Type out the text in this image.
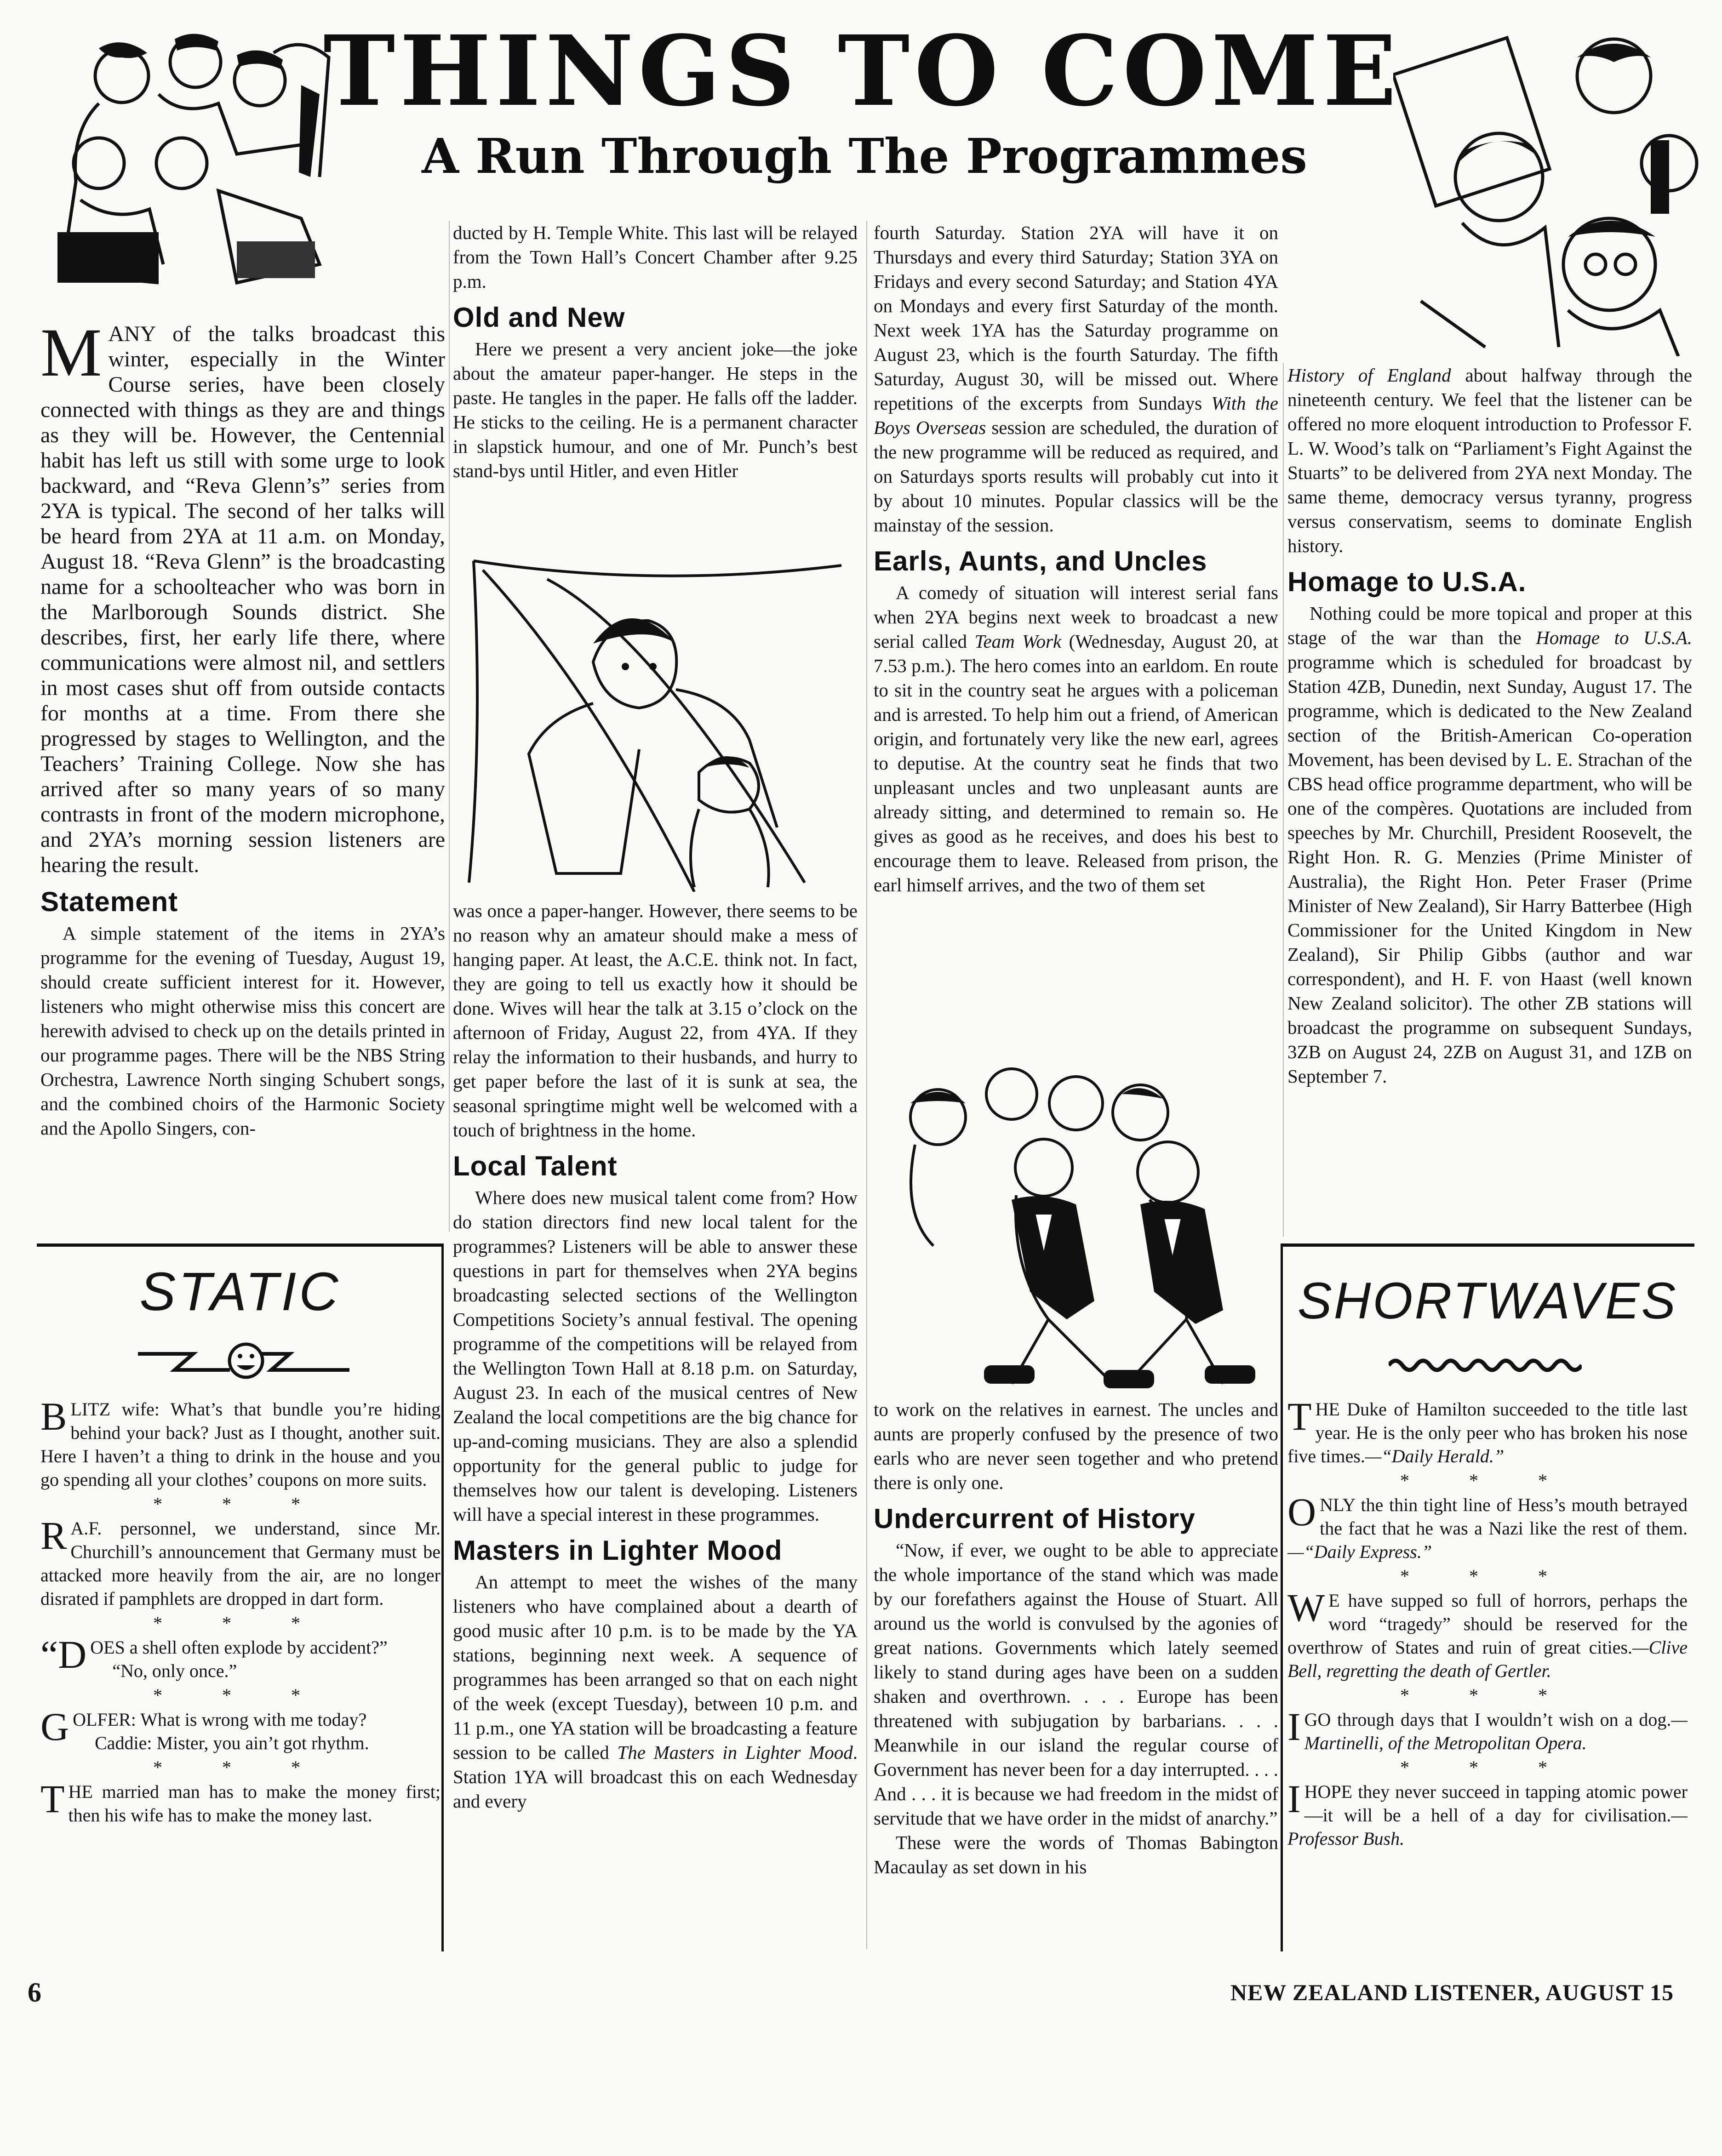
THINGS TO COME
A Run Through The Programmes

M ANY of the talks broadcast this winter, especially in the Winter Course series, have been closely connected with things as they are and things as they will be. However, the Centennial habit has left us still with some urge to look backward, and “Reva Glenn’s” series from 2YA is typical. The second of her talks will be heard from 2YA at 11 a.m. on Monday, August 18. “Reva Glenn” is the broadcasting name for a schoolteacher who was born in the Marlborough Sounds district. She describes, first, her early life there, where communications were almost nil, and settlers in most cases shut off from outside contacts for months at a time. From there she progressed by stages to Wellington, and the Teachers’ Training College. Now she has arrived after so many years of so many contrasts in front of the modern microphone, and 2YA’s morning session listeners are hearing the result.

Statement

A simple statement of the items in 2YA’s programme for the evening of Tuesday, August 19, should create sufficient interest for it. However, listeners who might otherwise miss this concert are herewith advised to check up on the details printed in our programme pages. There will be the NBS String Orchestra, Lawrence North singing Schubert songs, and the combined choirs of the Harmonic Society and the Apollo Singers, con-

STATIC

BLITZ wife: What’s that bundle you’re hiding behind your back? Just as I thought, another suit. Here I haven’t a thing to drink in the house and you go spending all your clothes’ coupons on more suits.

* * *

R A.F. personnel, we understand, since Mr. Churchill’s announcement that Germany must be attacked more heavily from the air, are no longer disrated if pamphlets are dropped in dart form.

* * *

“DOES a shell often explode by accident?”

“No, only once.”

* * *

GOLFER: What is wrong with me today?

Caddie: Mister, you ain’t got rhythm.

* * *

THE married man has to make the money first; then his wife has to make the money last.

ducted by H. Temple White. This last will be relayed from the Town Hall’s Concert Chamber after 9.25 p.m.

Old and New

Here we present a very ancient joke—the joke about the amateur paper-hanger. He steps in the paste. He tangles in the paper. He falls off the ladder. He sticks to the ceiling. He is a permanent character in slapstick humour, and one of Mr. Punch’s best stand-bys until Hitler, and even Hitler

was once a paper-hanger. However, there seems to be no reason why an amateur should make a mess of hanging paper. At least, the A.C.E. think not. In fact, they are going to tell us exactly how it should be done. Wives will hear the talk at 3.15 o’clock on the afternoon of Friday, August 22, from 4YA. If they relay the information to their husbands, and hurry to get paper before the last of it is sunk at sea, the seasonal springtime might well be welcomed with a touch of brightness in the home.

Local Talent

Where does new musical talent come from? How do station directors find new local talent for the programmes? Listeners will be able to answer these questions in part for themselves when 2YA begins broadcasting selected sections of the Wellington Competitions Society’s annual festival. The opening programme of the competitions will be relayed from the Wellington Town Hall at 8.18 p.m. on Saturday, August 23. In each of the musical centres of New Zealand the local competitions are the big chance for up-and-coming musicians. They are also a splendid opportunity for the general public to judge for themselves how our talent is developing. Listeners will have a special interest in these programmes.

Masters in Lighter Mood

An attempt to meet the wishes of the many listeners who have complained about a dearth of good music after 10 p.m. is to be made by the YA stations, beginning next week. A sequence of programmes has been arranged so that on each night of the week (except Tuesday), between 10 p.m. and 11 p.m., one YA station will be broadcasting a feature session to be called The Masters in Lighter Mood. Station 1YA will broadcast this on each Wednesday and every

fourth Saturday. Station 2YA will have it on Thursdays and every third Saturday; Station 3YA on Fridays and every second Saturday; and Station 4YA on Mondays and every first Saturday of the month. Next week 1YA has the Saturday programme on August 23, which is the fourth Saturday. The fifth Saturday, August 30, will be missed out. Where repetitions of the excerpts from Sundays With the Boys Overseas session are scheduled, the duration of the new programme will be reduced as required, and on Saturdays sports results will probably cut into it by about 10 minutes. Popular classics will be the mainstay of the session.

Earls, Aunts, and Uncles

A comedy of situation will interest serial fans when 2YA begins next week to broadcast a new serial called Team Work (Wednesday, August 20, at 7.53 p.m.). The hero comes into an earldom. En route to sit in the country seat he argues with a policeman and is arrested. To help him out a friend, of American origin, and fortunately very like the new earl, agrees to deputise. At the country seat he finds that two unpleasant uncles and two unpleasant aunts are already sitting, and determined to remain so. He gives as good as he receives, and does his best to encourage them to leave. Released from prison, the earl himself arrives, and the two of them set

to work on the relatives in earnest. The uncles and aunts are properly confused by the presence of two earls who are never seen together and who pretend there is only one.

Undercurrent of History

“Now, if ever, we ought to be able to appreciate the whole importance of the stand which was made by our forefathers against the House of Stuart. All around us the world is convulsed by the agonies of great nations. Governments which lately seemed likely to stand during ages have been on a sudden shaken and overthrown. . . . Europe has been threatened with subjugation by barbarians. . . . Meanwhile in our island the regular course of Government has never been for a day interrupted. . . . And . . . it is because we had freedom in the midst of servitude that we have order in the midst of anarchy.”

These were the words of Thomas Babington Macaulay as set down in his

History of England about halfway through the nineteenth century. We feel that the listener can be offered no more eloquent introduction to Professor F. L. W. Wood’s talk on “Parliament’s Fight Against the Stuarts” to be delivered from 2YA next Monday. The same theme, democracy versus tyranny, progress versus conservatism, seems to dominate English history.

Homage to U.S.A.

Nothing could be more topical and proper at this stage of the war than the Homage to U.S.A. programme which is scheduled for broadcast by Station 4ZB, Dunedin, next Sunday, August 17. The programme, which is dedicated to the New Zealand section of the British-American Co-operation Movement, has been devised by L. E. Strachan of the CBS head office programme department, who will be one of the compères. Quotations are included from speeches by Mr. Churchill, President Roosevelt, the Right Hon. R. G. Menzies (Prime Minister of Australia), the Right Hon. Peter Fraser (Prime Minister of New Zealand), Sir Harry Batterbee (High Commissioner for the United Kingdom in New Zealand), Sir Philip Gibbs (author and war correspondent), and H. F. von Haast (well known New Zealand solicitor). The other ZB stations will broadcast the programme on subsequent Sundays, 3ZB on August 24, 2ZB on August 31, and 1ZB on September 7.

SHORTWAVES

THE Duke of Hamilton succeeded to the title last year. He is the only peer who has broken his nose five times.—“Daily Herald.”

* * *

ONLY the thin tight line of Hess’s mouth betrayed the fact that he was a Nazi like the rest of them.—“Daily Express.”

* * *

W E have supped so full of horrors, perhaps the word “tragedy” should be reserved for the overthrow of States and ruin of great cities.—Clive Bell, regretting the death of Gertler.

* * *

IGO through days that I wouldn’t wish on a dog.—Martinelli, of the Metropolitan Opera.

* * *

IHOPE they never succeed in tapping atomic power—it will be a hell of a day for civilisation.—Professor Bush.

6	NEW ZEALAND LISTENER, AUGUST 15
